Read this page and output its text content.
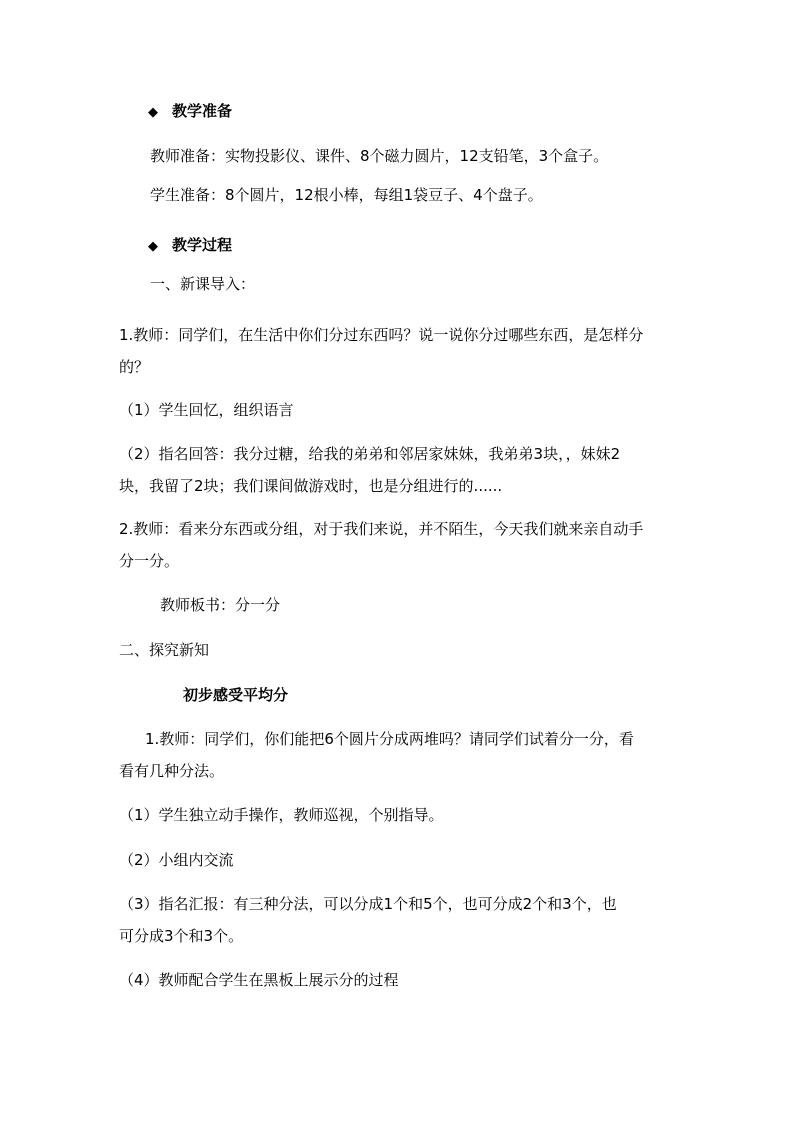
◆ 教学准备
教师准备：实物投影仪、课件、8个磁力圆片，12支铅笔，3个盒子。
学生准备：8个圆片，12根小棒，每组1袋豆子、4个盘子。
◆ 教学过程
一、新课导入：
1.教师：同学们，在生活中你们分过东西吗？说一说你分过哪些东西，是怎样分
的？
（1）学生回忆，组织语言
（2）指名回答：我分过糖，给我的弟弟和邻居家妹妹，我弟弟3块，，妹妹2
块，我留了2块；我们课间做游戏时，也是分组进行的......
2.教师：看来分东西或分组，对于我们来说，并不陌生，今天我们就来亲自动手
分一分。
教师板书：分一分
二、探究新知
初步感受平均分
1.教师：同学们，你们能把6个圆片分成两堆吗？请同学们试着分一分，看
看有几种分法。
（1）学生独立动手操作，教师巡视，个别指导。
（2）小组内交流
（3）指名汇报：有三种分法，可以分成1个和5个，也可分成2个和3个，也
可分成3个和3个。
（4）教师配合学生在黑板上展示分的过程
